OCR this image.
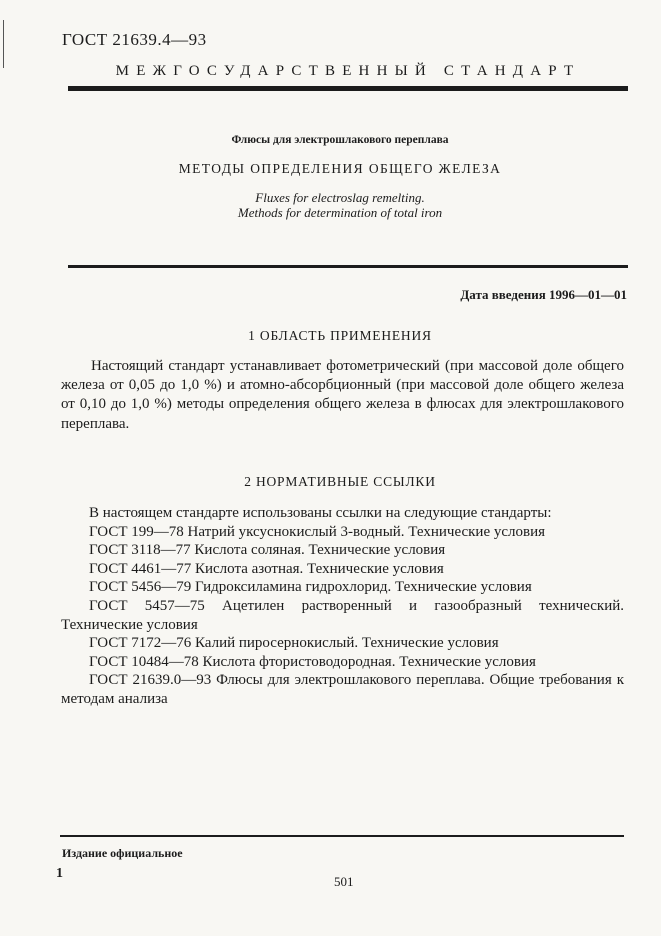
ГОСТ 21639.4—93
МЕЖГОСУДАРСТВЕННЫЙ СТАНДАРТ
Флюсы для электрошлакового переплава
МЕТОДЫ ОПРЕДЕЛЕНИЯ ОБЩЕГО ЖЕЛЕЗА
Fluxes for electroslag remelting.
Methods for determination of total iron
Дата введения 1996—01—01
1 ОБЛАСТЬ ПРИМЕНЕНИЯ
Настоящий стандарт устанавливает фотометрический (при массовой доле общего железа от 0,05 до 1,0 %) и атомно-абсорбционный (при массовой доле общего железа от 0,10 до 1,0 %) методы определения общего железа в флюсах для электрошлакового переплава.
2 НОРМАТИВНЫЕ ССЫЛКИ

В настоящем стандарте использованы ссылки на следующие стандарты:

ГОСТ 199—78 Натрий уксуснокислый 3-водный. Технические условия

ГОСТ 3118—77 Кислота соляная. Технические условия

ГОСТ 4461—77 Кислота азотная. Технические условия

ГОСТ 5456—79 Гидроксиламина гидрохлорид. Технические условия

ГОСТ 5457—75 Ацетилен растворенный и газообразный технический. Технические условия

ГОСТ 7172—76 Калий пиросернокислый. Технические условия

ГОСТ 10484—78 Кислота фтористоводородная. Технические условия

ГОСТ 21639.0—93 Флюсы для электрошлакового переплава. Общие требования к методам анализа

Издание официальное
1
501
